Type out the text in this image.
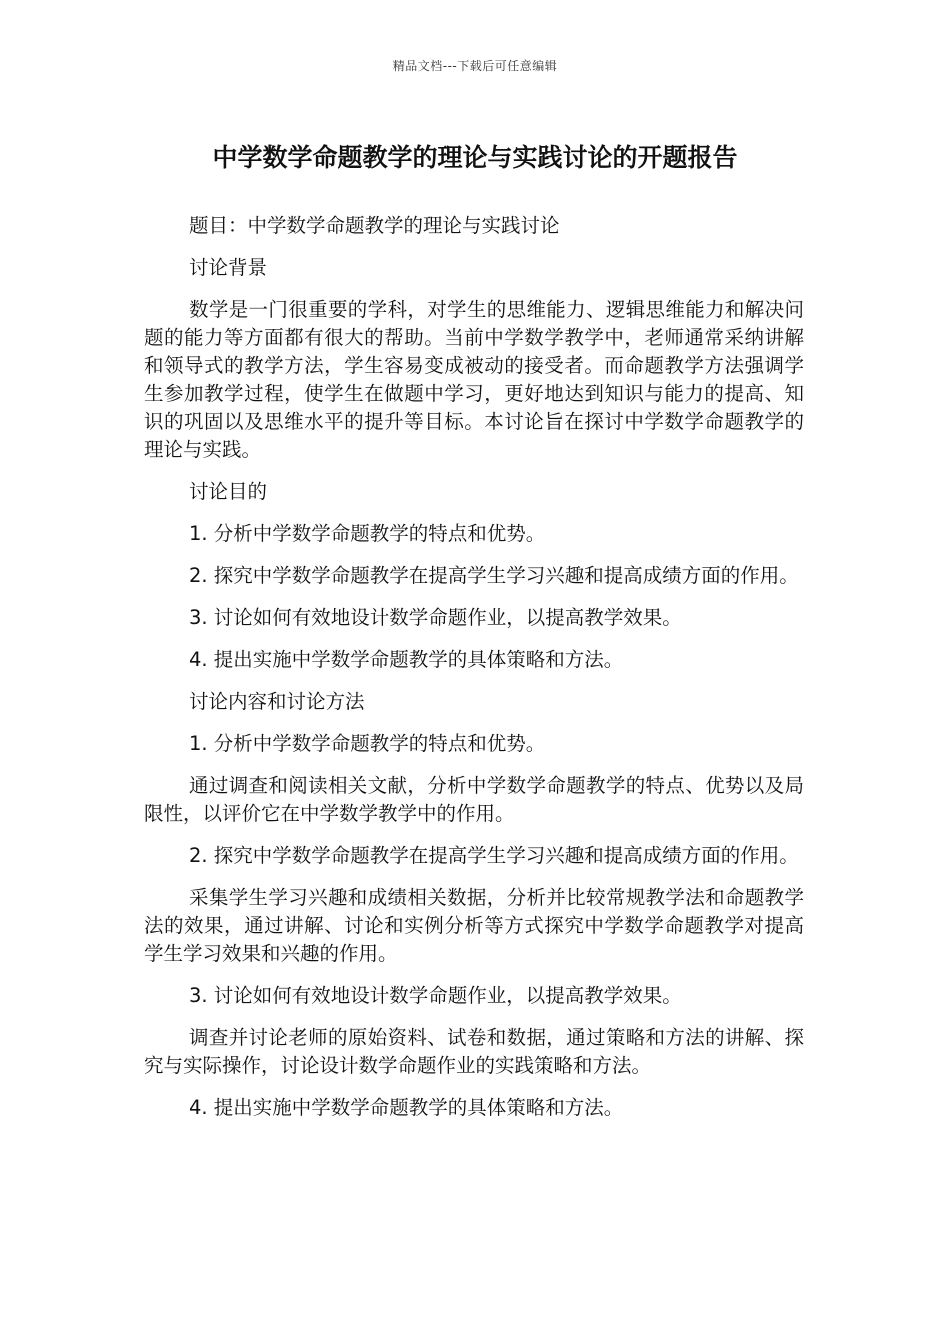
精品文档---下载后可任意编辑
中学数学命题教学的理论与实践讨论的开题报告

题目：中学数学命题教学的理论与实践讨论

讨论背景

数学是一门很重要的学科，对学生的思维能力、逻辑思维能力和解决问题的能力等方面都有很大的帮助。当前中学数学教学中，老师通常采纳讲解和领导式的教学方法，学生容易变成被动的接受者。而命题教学方法强调学生参加教学过程，使学生在做题中学习，更好地达到知识与能力的提高、知识的巩固以及思维水平的提升等目标。本讨论旨在探讨中学数学命题教学的理论与实践。

讨论目的

1. 分析中学数学命题教学的特点和优势。

2. 探究中学数学命题教学在提高学生学习兴趣和提高成绩方面的作用。

3. 讨论如何有效地设计数学命题作业，以提高教学效果。

4. 提出实施中学数学命题教学的具体策略和方法。

讨论内容和讨论方法

1. 分析中学数学命题教学的特点和优势。

通过调查和阅读相关文献，分析中学数学命题教学的特点、优势以及局限性，以评价它在中学数学教学中的作用。

2. 探究中学数学命题教学在提高学生学习兴趣和提高成绩方面的作用。

采集学生学习兴趣和成绩相关数据，分析并比较常规教学法和命题教学法的效果，通过讲解、讨论和实例分析等方式探究中学数学命题教学对提高学生学习效果和兴趣的作用。

3. 讨论如何有效地设计数学命题作业，以提高教学效果。

调查并讨论老师的原始资料、试卷和数据，通过策略和方法的讲解、探究与实际操作，讨论设计数学命题作业的实践策略和方法。

4. 提出实施中学数学命题教学的具体策略和方法。
